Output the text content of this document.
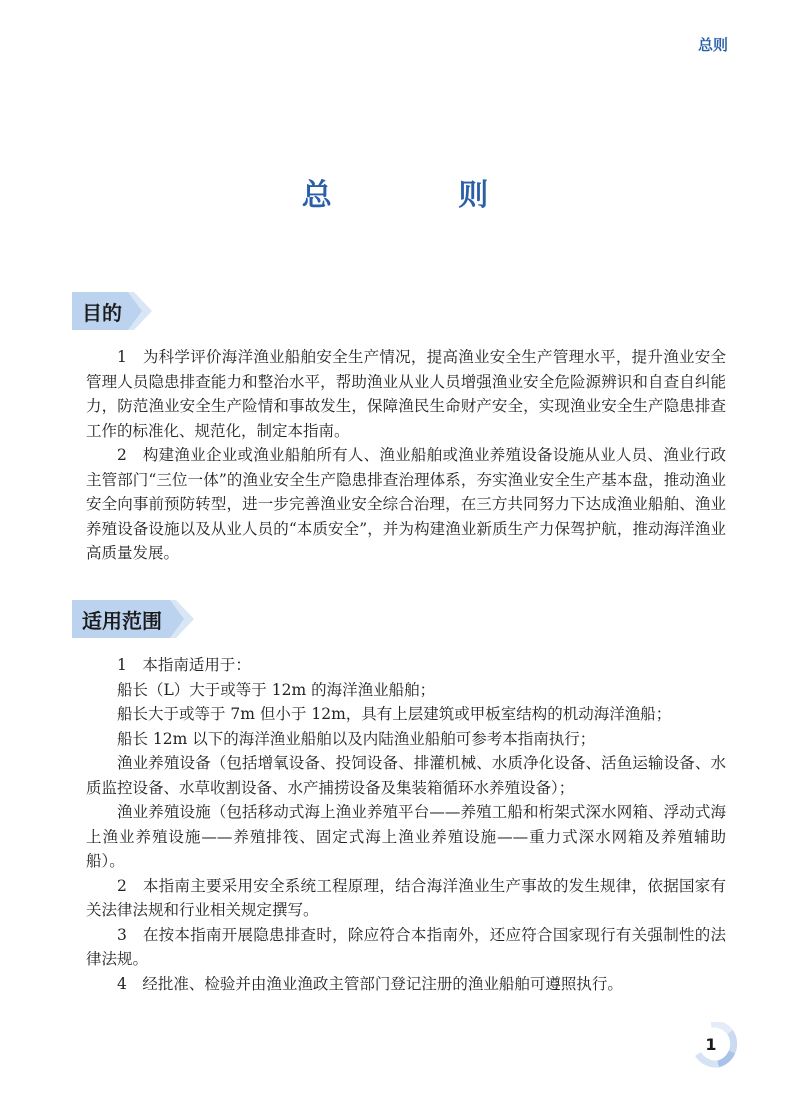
总则
总 则
目的

1　为科学评价海洋渔业船舶安全生产情况，提高渔业安全生产管理水平，提升渔业安全管理人员隐患排查能力和整治水平，帮助渔业从业人员增强渔业安全危险源辨识和自查自纠能力，防范渔业安全生产险情和事故发生，保障渔民生命财产安全，实现渔业安全生产隐患排查工作的标准化、规范化，制定本指南。

2　构建渔业企业或渔业船舶所有人、渔业船舶或渔业养殖设备设施从业人员、渔业行政主管部门“三位一体”的渔业安全生产隐患排查治理体系，夯实渔业安全生产基本盘，推动渔业安全向事前预防转型，进一步完善渔业安全综合治理，在三方共同努力下达成渔业船舶、渔业养殖设备设施以及从业人员的“本质安全”，并为构建渔业新质生产力保驾护航，推动海洋渔业高质量发展。

适用范围

1　本指南适用于：

船长（L）大于或等于 12m 的海洋渔业船舶；

船长大于或等于 7m 但小于 12m，具有上层建筑或甲板室结构的机动海洋渔船；

船长 12m 以下的海洋渔业船舶以及内陆渔业船舶可参考本指南执行；

渔业养殖设备（包括增氧设备、投饲设备、排灌机械、水质净化设备、活鱼运输设备、水质监控设备、水草收割设备、水产捕捞设备及集装箱循环水养殖设备）；

渔业养殖设施（包括移动式海上渔业养殖平台——养殖工船和桁架式深水网箱、浮动式海上渔业养殖设施——养殖排筏、固定式海上渔业养殖设施——重力式深水网箱及养殖辅助船）。

2　本指南主要采用安全系统工程原理，结合海洋渔业生产事故的发生规律，依据国家有关法律法规和行业相关规定撰写。

3　在按本指南开展隐患排查时，除应符合本指南外，还应符合国家现行有关强制性的法律法规。

4　经批准、检验并由渔业渔政主管部门登记注册的渔业船舶可遵照执行。

1
